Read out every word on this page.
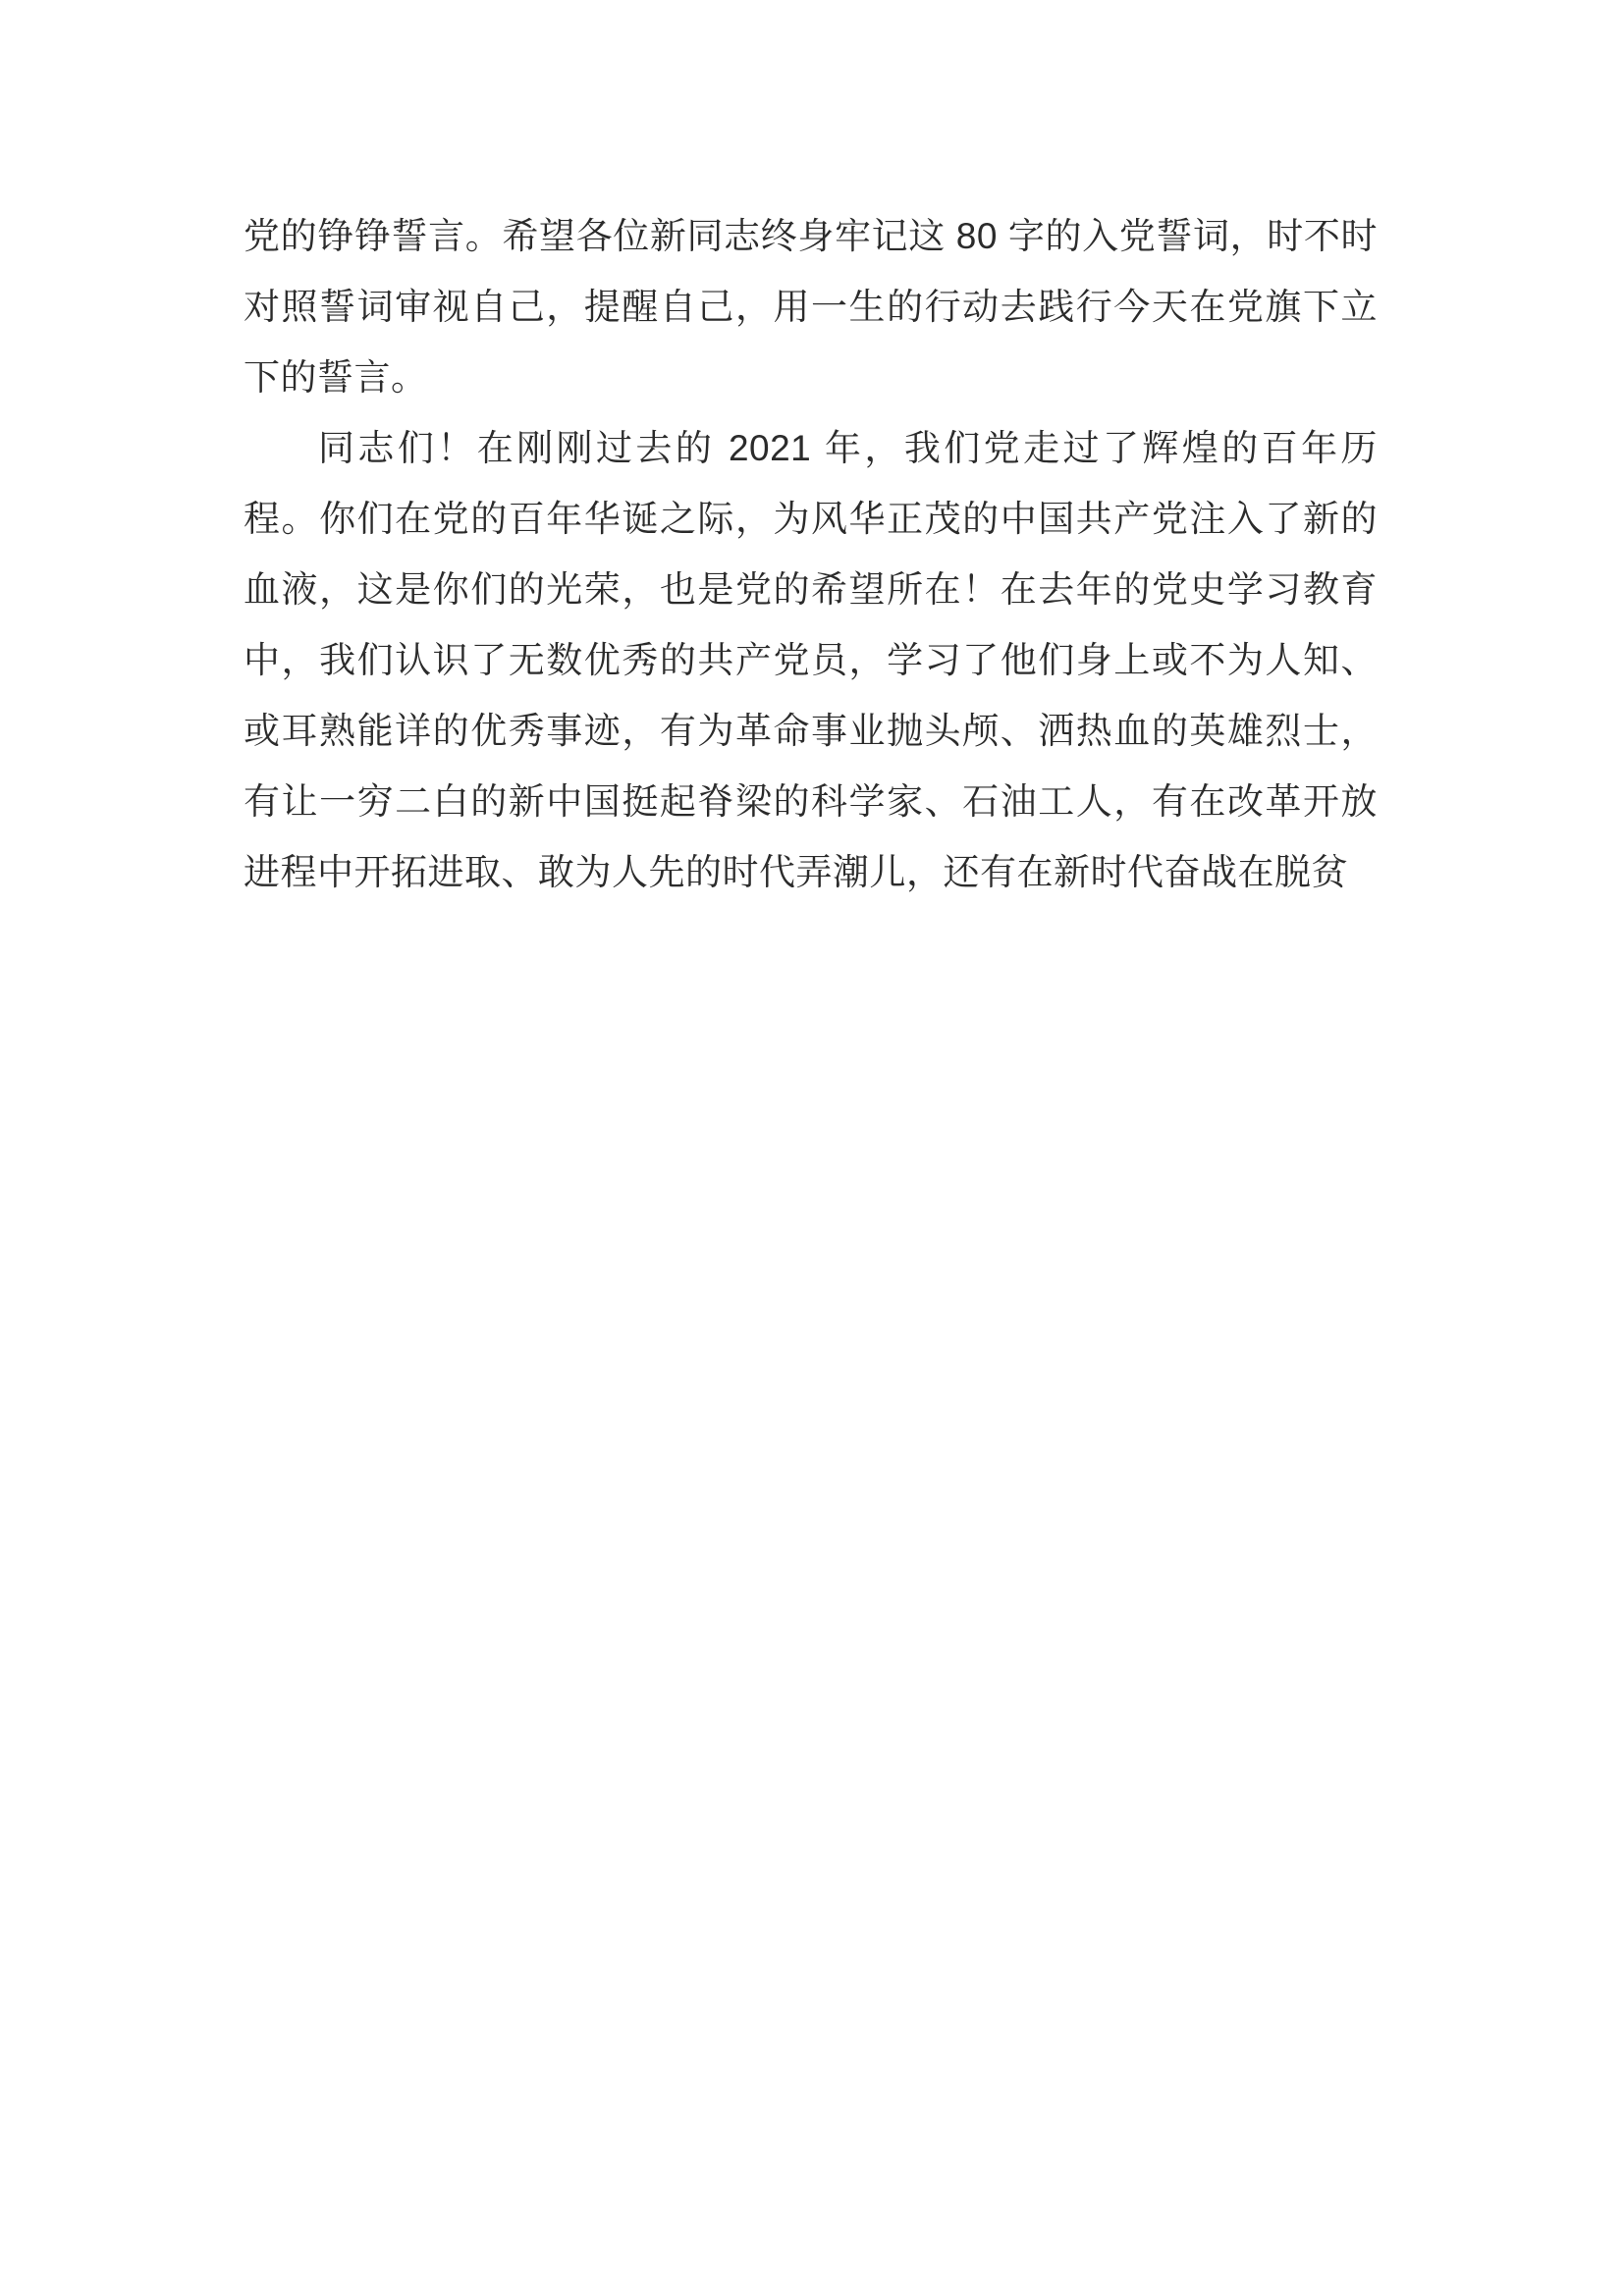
党的铮铮誓言。希望各位新同志终身牢记这 80 字的入党誓词，时不时对照誓词审视自己，提醒自己，用一生的行动去践行今天在党旗下立下的誓言。

同志们！在刚刚过去的 2021 年，我们党走过了辉煌的百年历程。你们在党的百年华诞之际，为风华正茂的中国共产党注入了新的血液，这是你们的光荣，也是党的希望所在！在去年的党史学习教育中，我们认识了无数优秀的共产党员，学习了他们身上或不为人知、或耳熟能详的优秀事迹，有为革命事业抛头颅、洒热血的英雄烈士，有让一穷二白的新中国挺起脊梁的科学家、石油工人，有在改革开放进程中开拓进取、敢为人先的时代弄潮儿，还有在新时代奋战在脱贫
